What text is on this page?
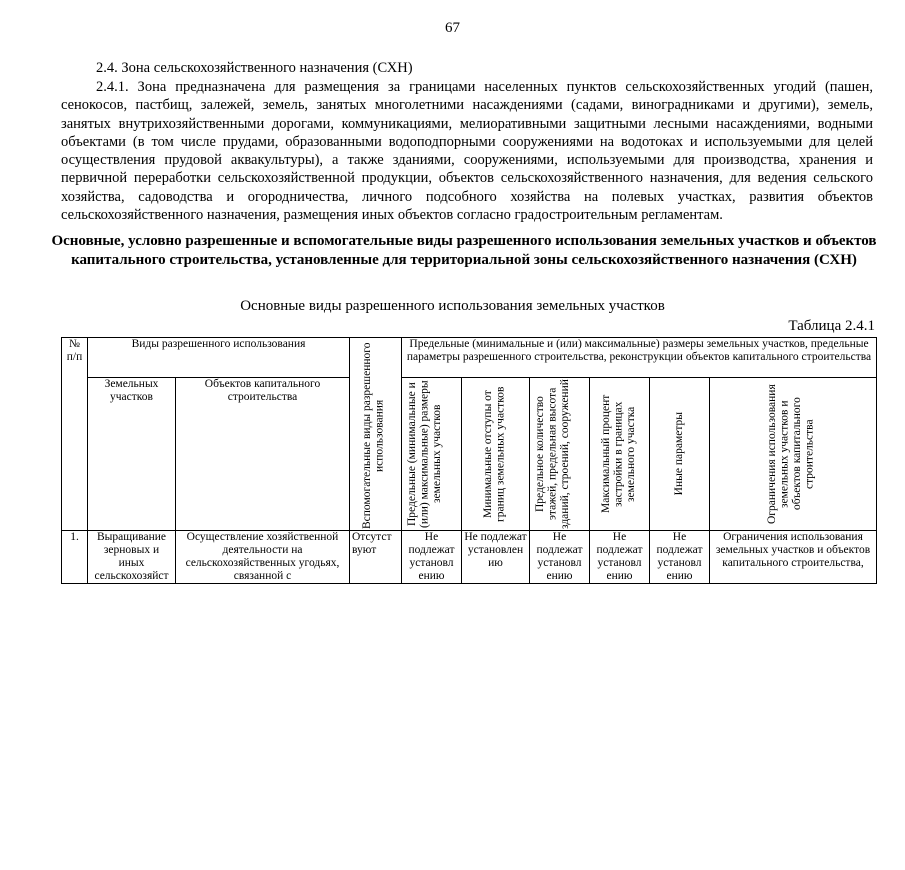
67
2.4. Зона сельскохозяйственного назначения (СХН)

2.4.1. Зона предназначена для размещения за границами населенных пунктов сельскохозяйственных угодий (пашен, сенокосов, пастбищ, залежей, земель, занятых многолетними насаждениями (садами, виноградниками и другими), земель, занятых внутрихозяйственными дорогами, коммуникациями, мелиоративными защитными лесными насаждениями, водными объектами (в том числе прудами, образованными водоподпорными сооружениями на водотоках и используемыми для целей осуществления прудовой аквакультуры), а также зданиями, сооружениями, используемыми для производства, хранения и первичной переработки сельскохозяйственной продукции, объектов сельскохозяйственного назначения, для ведения сельского хозяйства, садоводства и огородничества, личного подсобного хозяйства на полевых участках, развития объектов сельскохозяйственного назначения, размещения иных объектов согласно градостроительным регламентам.

Основные, условно разрешенные и вспомогательные виды разрешенного использования земельных участков и объектов капитального строительства, установленные для территориальной зоны сельскохозяйственного назначения (СХН)

Основные виды разрешенного использования земельных участков
Таблица 2.4.1
№ п/п	Виды разрешенного использования		Вспомогательные виды разрешенного использования	Предельные (минимальные и (или) максимальные) размеры земельных участков, предельные параметры разрешенного строительства, реконструкции объектов капитального строительства					
	Земельных участков	Объектов капитального строительства		Предельные (минимальные и (или) максимальные) размеры земельных участков	Минимальные отступы от границ земельных участков	Предельное количество этажей, предельная высота зданий, строений, сооружений	Максимальный процент застройки в границах земельного участка	Иные параметры	Ограничения использования земельных участков и объектов капитального строительства

1.	Выращивание зерновых и иных сельскохозяйст	Осуществление хозяйственной деятельности на сельскохозяйственных угодьях, связанной с	Отсутст вуют	Не подлежат установл ению	Не подлежат установлен ию	Не подлежат установл ению	Не подлежат установл ению	Не подлежат установл ению	Ограничения использования земельных участков и объектов капитального строительства,
